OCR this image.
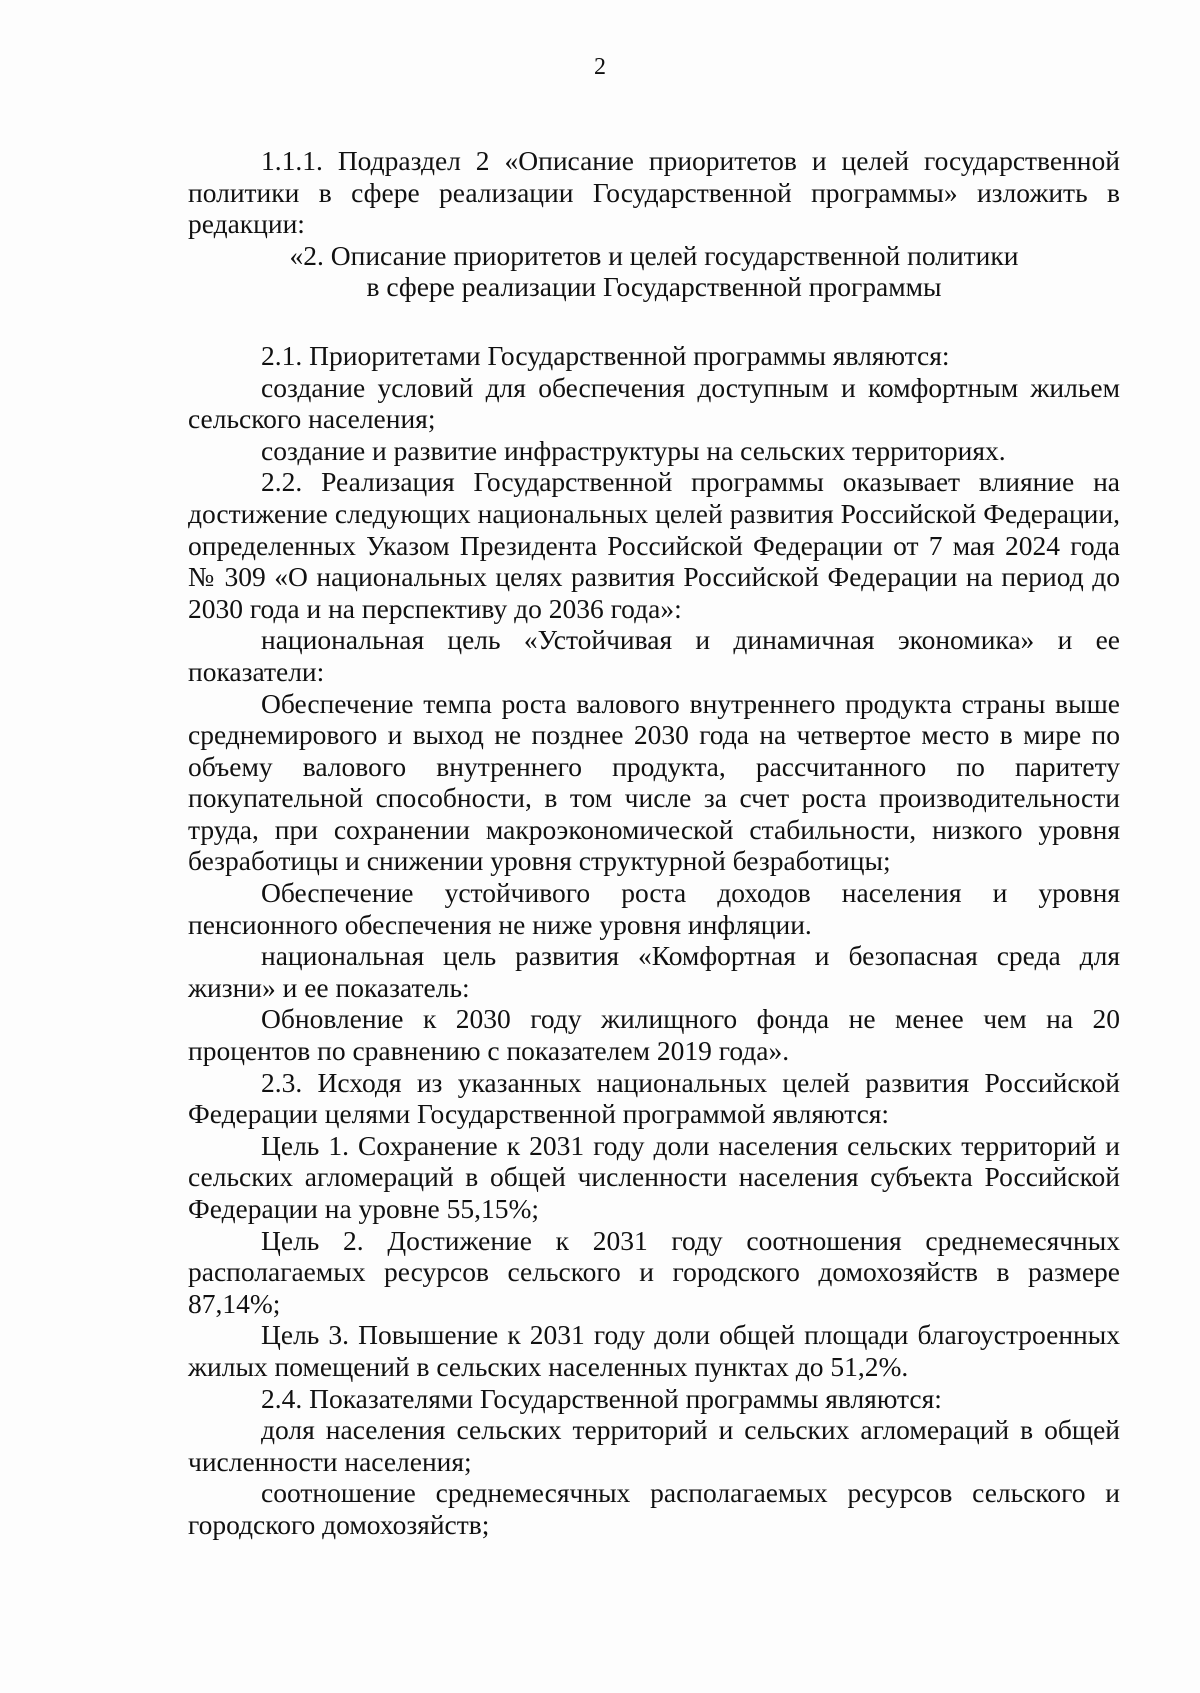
2

1.1.1. Подраздел 2 «Описание приоритетов и целей государственной политики в сфере реализации Государственной программы» изложить в редакции:

«2. Описание приоритетов и целей государственной политики

в сфере реализации Государственной программы

2.1. Приоритетами Государственной программы являются:

создание условий для обеспечения доступным и комфортным жильем сельского населения;

создание и развитие инфраструктуры на сельских территориях.

2.2. Реализация Государственной программы оказывает влияние на достижение следующих национальных целей развития Российской Федерации, определенных Указом Президента Российской Федерации от 7 мая 2024 года № 309 «О национальных целях развития Российской Федерации на период до 2030 года и на перспективу до 2036 года»:

национальная цель «Устойчивая и динамичная экономика» и ее показатели:

Обеспечение темпа роста валового внутреннего продукта страны выше среднемирового и выход не позднее 2030 года на четвертое место в мире по объему валового внутреннего продукта, рассчитанного по паритету покупательной способности, в том числе за счет роста производительности труда, при сохранении макроэкономической стабильности, низкого уровня безработицы и снижении уровня структурной безработицы;

Обеспечение устойчивого роста доходов населения и уровня пенсионного обеспечения не ниже уровня инфляции.

национальная цель развития «Комфортная и безопасная среда для жизни» и ее показатель:

Обновление к 2030 году жилищного фонда не менее чем на 20 процентов по сравнению с показателем 2019 года».

2.3. Исходя из указанных национальных целей развития Российской Федерации целями Государственной программой являются:

Цель 1. Сохранение к 2031 году доли населения сельских территорий и сельских агломераций в общей численности населения субъекта Российской Федерации на уровне 55,15%;

Цель 2. Достижение к 2031 году соотношения среднемесячных располагаемых ресурсов сельского и городского домохозяйств в размере 87,14%;

Цель 3. Повышение к 2031 году доли общей площади благоустроенных жилых помещений в сельских населенных пунктах до 51,2%.

2.4. Показателями Государственной программы являются:

доля населения сельских территорий и сельских агломераций в общей численности населения;

соотношение среднемесячных располагаемых ресурсов сельского и городского домохозяйств;
